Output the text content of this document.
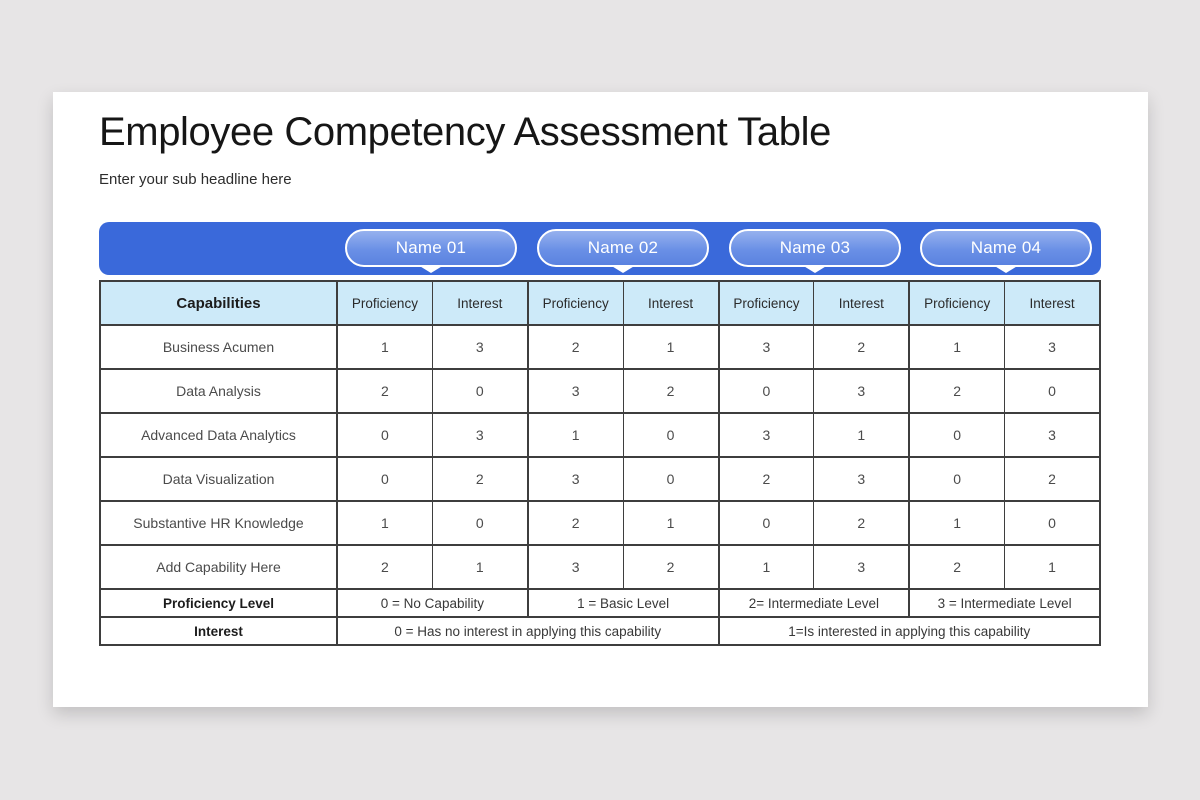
Employee Competency Assessment Table
Enter your sub headline here
Name 01	Name 02	Name 03	Name 04
Capabilities	Proficiency	Interest	Proficiency	Interest	Proficiency	Interest	Proficiency	Interest
Business Acumen	1	3	2	1	3	2	1	3
Data Analysis	2	0	3	2	0	3	2	0
Advanced Data Analytics	0	3	1	0	3	1	0	3
Data Visualization	0	2	3	0	2	3	0	2
Substantive HR Knowledge	1	0	2	1	0	2	1	0
Add Capability Here	2	1	3	2	1	3	2	1
Proficiency Level	0 = No Capability		1 = Basic Level		2= Intermediate Level		3 = Intermediate Level	
Interest	0 = Has no interest in applying this capability				1=Is interested in applying this capability			
